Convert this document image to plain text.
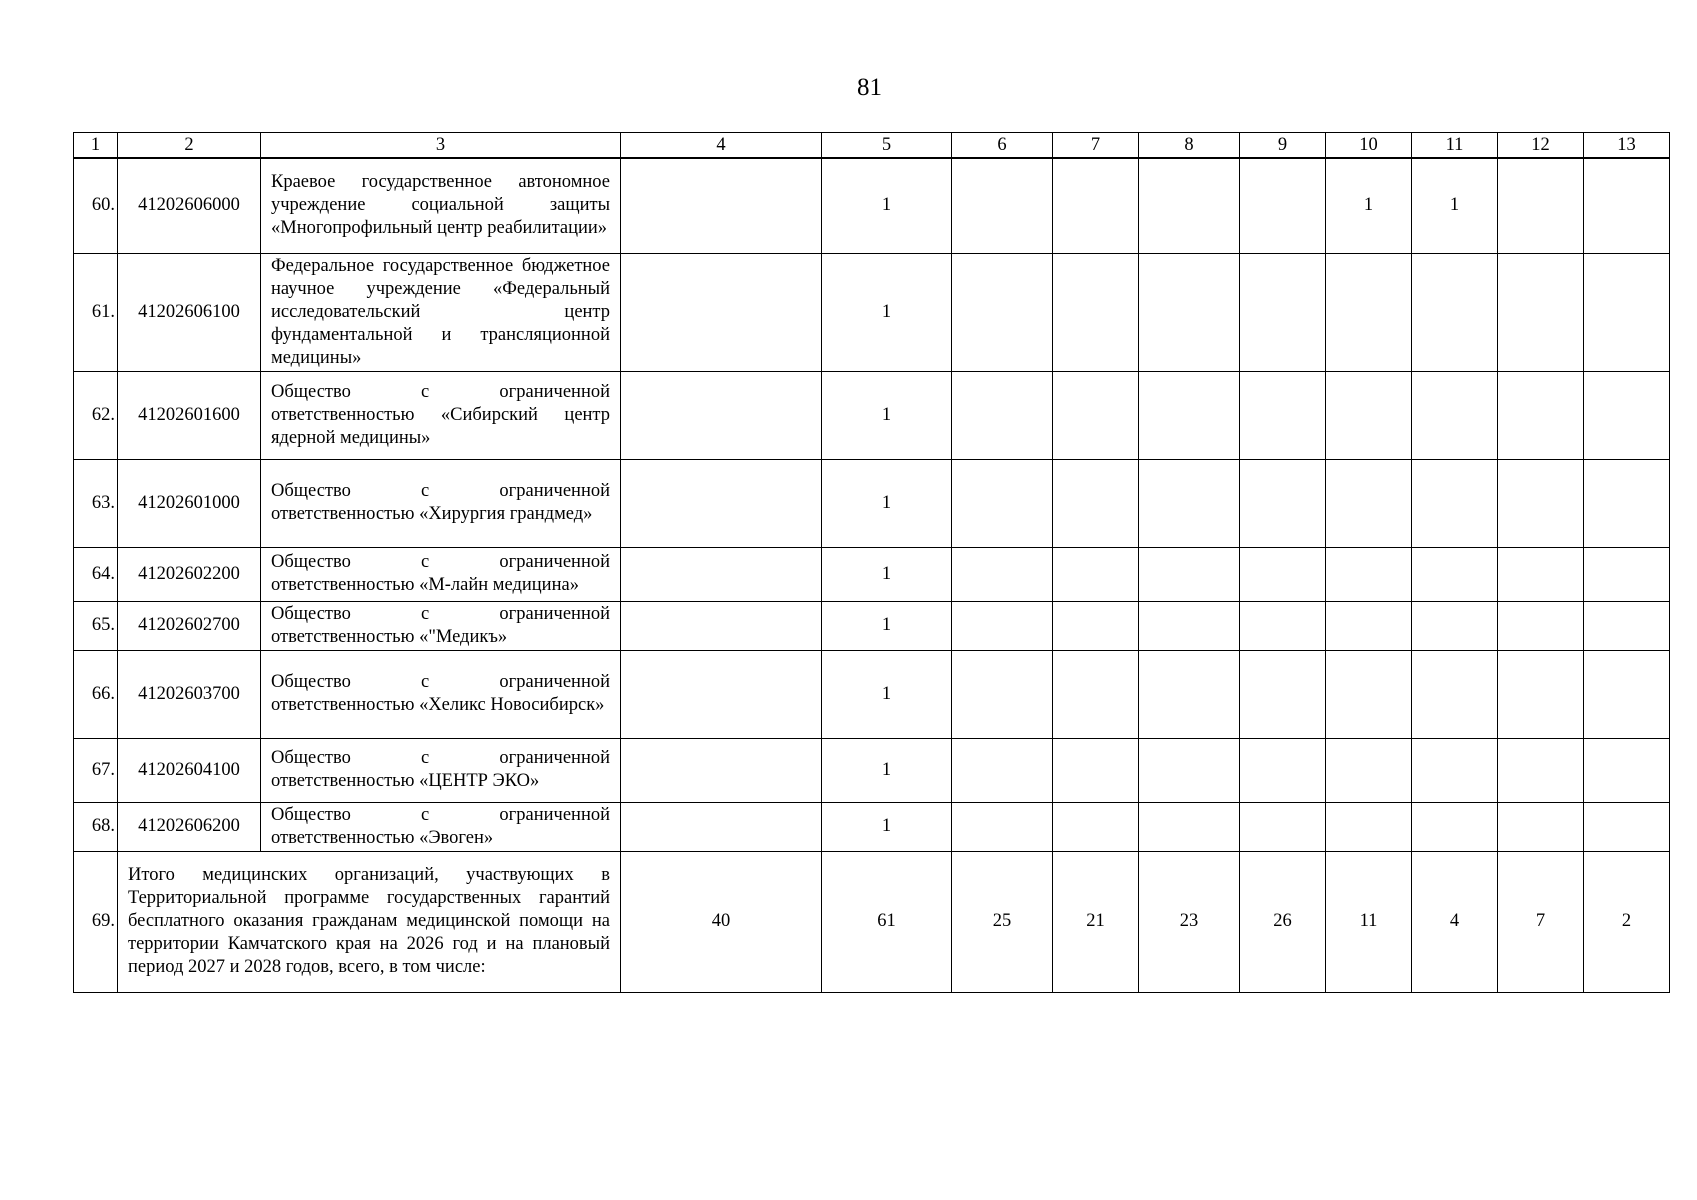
81
1	2	3	4	5	6	7	8	9	10	11	12	13
60.	41202606000	Краевое государственное автономное учреждение социальной защиты «Многопрофильный центр реабилитации»		1					1	1		
61.	41202606100	Федеральное государственное бюджетное научное учреждение «Федеральный исследовательский центр фундаментальной и трансляционной медицины»		1								
62.	41202601600	Общество с ограниченной ответственностью «Сибирский центр ядерной медицины»		1								
63.	41202601000	Общество с ограниченной ответственностью «Хирургия грандмед»		1								
64.	41202602200	Общество с ограниченной ответственностью «М-лайн медицина»		1								
65.	41202602700	Общество с ограниченной ответственностью «"Медикъ»		1								
66.	41202603700	Общество с ограниченной ответственностью «Хеликс Новосибирск»		1								
67.	41202604100	Общество с ограниченной ответственностью «ЦЕНТР ЭКО»		1								
68.	41202606200	Общество с ограниченной ответственностью «Эвоген»		1								
69.	Итого медицинских организаций, участвующих в Территориальной программе государственных гарантий бесплатного оказания гражданам медицинской помощи на территории Камчатского края на 2026 год и на плановый период 2027 и 2028 годов, всего, в том числе:		40	61	25	21	23	26	11	4	7	2
